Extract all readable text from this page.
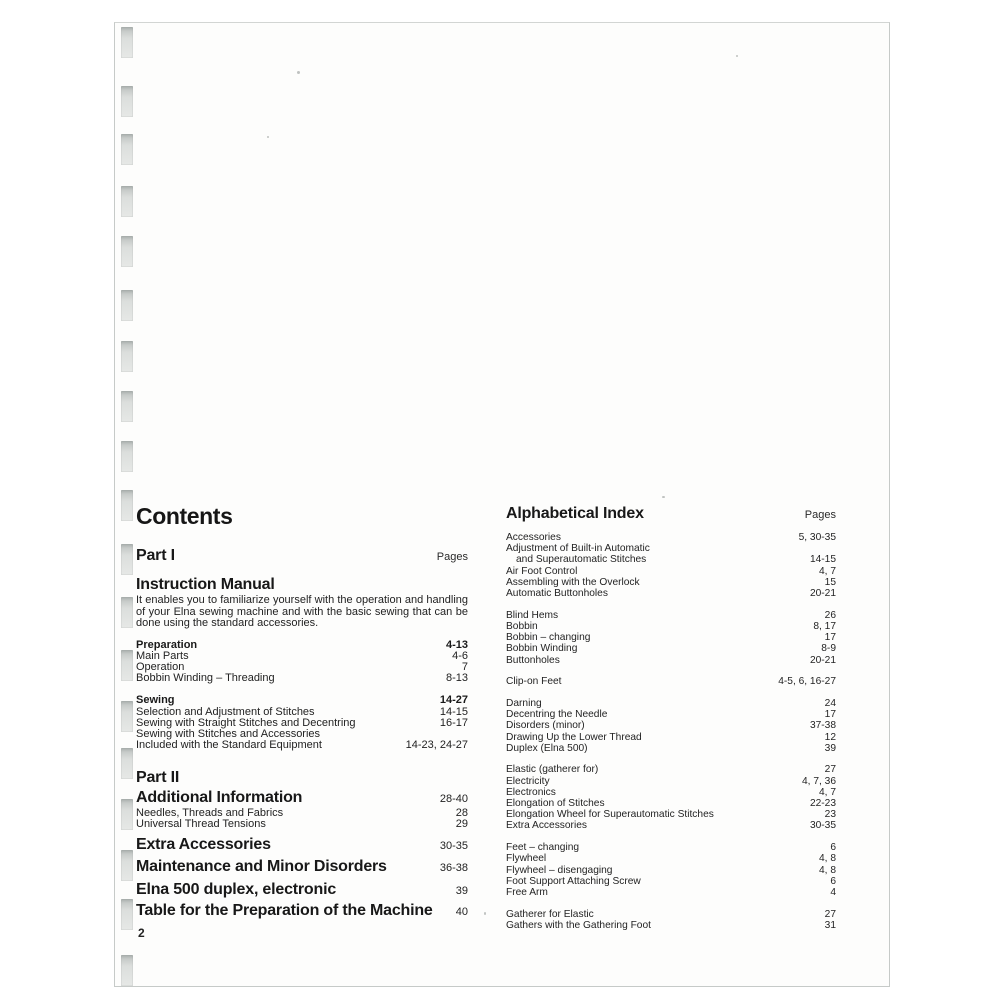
Contents
Part I	Pages
Instruction Manual
It enables you to familiarize yourself with the operation and handling of your Elna sewing machine and with the basic sewing that can be done using the standard accessories.
Preparation	4-13
Main Parts	4-6
Operation	7
Bobbin Winding – Threading	8-13
Sewing	14-27
Selection and Adjustment of Stitches	14-15
Sewing with Straight Stitches and Decentring	16-17
Sewing with Stitches and Accessories
Included with the Standard Equipment	14-23, 24-27
Part II
Additional Information	28-40
Needles, Threads and Fabrics	28
Universal Thread Tensions	29
Extra Accessories	30-35
Maintenance and Minor Disorders	36-38
Elna 500 duplex, electronic	39
Table for the Preparation of the Machine 40
2
Alphabetical Index	Pages
Accessories	5, 30-35
Adjustment of Built-in Automatic
and Superautomatic Stitches	14-15
Air Foot Control	4, 7
Assembling with the Overlock	15
Automatic Buttonholes	20-21
Blind Hems	26
Bobbin	8, 17
Bobbin – changing	17
Bobbin Winding	8-9
Buttonholes	20-21
Clip-on Feet	4-5, 6, 16-27
Darning	24
Decentring the Needle	17
Disorders (minor)	37-38
Drawing Up the Lower Thread	12
Duplex (Elna 500)	39
Elastic (gatherer for)	27
Electricity	4, 7, 36
Electronics	4, 7
Elongation of Stitches	22-23
Elongation Wheel for Superautomatic Stitches	23
Extra Accessories	30-35
Feet – changing	6
Flywheel	4, 8
Flywheel – disengaging	4, 8
Foot Support Attaching Screw	6
Free Arm	4
Gatherer for Elastic	27
Gathers with the Gathering Foot	31
